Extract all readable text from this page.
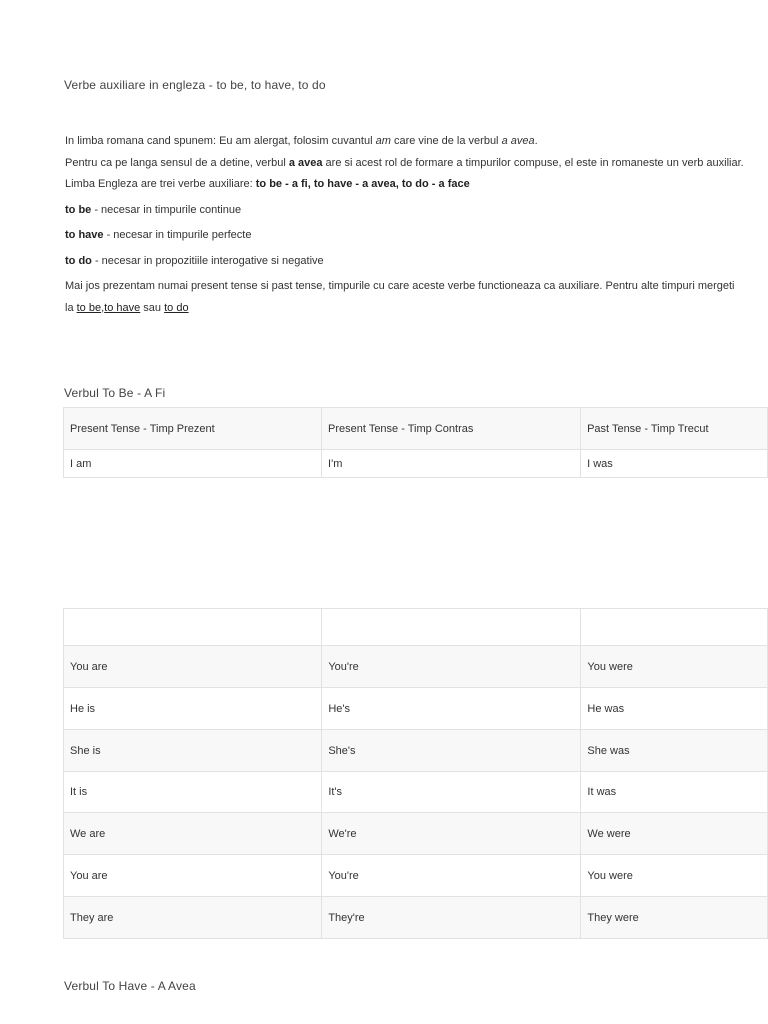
Verbe auxiliare in engleza - to be, to have, to do

In limba romana cand spunem: Eu am alergat, folosim cuvantul am care vine de la verbul a avea.

Pentru ca pe langa sensul de a detine, verbul a avea are si acest rol de formare a timpurilor compuse, el este in romaneste un verb auxiliar.

Limba Engleza are trei verbe auxiliare: to be - a fi, to have - a avea, to do - a face

to be - necesar in timpurile continue

to have - necesar in timpurile perfecte

to do - necesar in propozitiile interogative si negative

Mai jos prezentam numai present tense si past tense, timpurile cu care aceste verbe functioneaza ca auxiliare. Pentru alte timpuri mergeti la to be,to have sau to do

Verbul To Be - A Fi
Present Tense - Timp Prezent	Present Tense - Timp Contras	Past Tense - Timp Trecut
I am	I'm	I was

You are	You're	You were
He is	He's	He was
She is	She's	She was
It is	It's	It was
We are	We're	We were
You are	You're	You were
They are	They're	They were
Verbul To Have - A Avea
